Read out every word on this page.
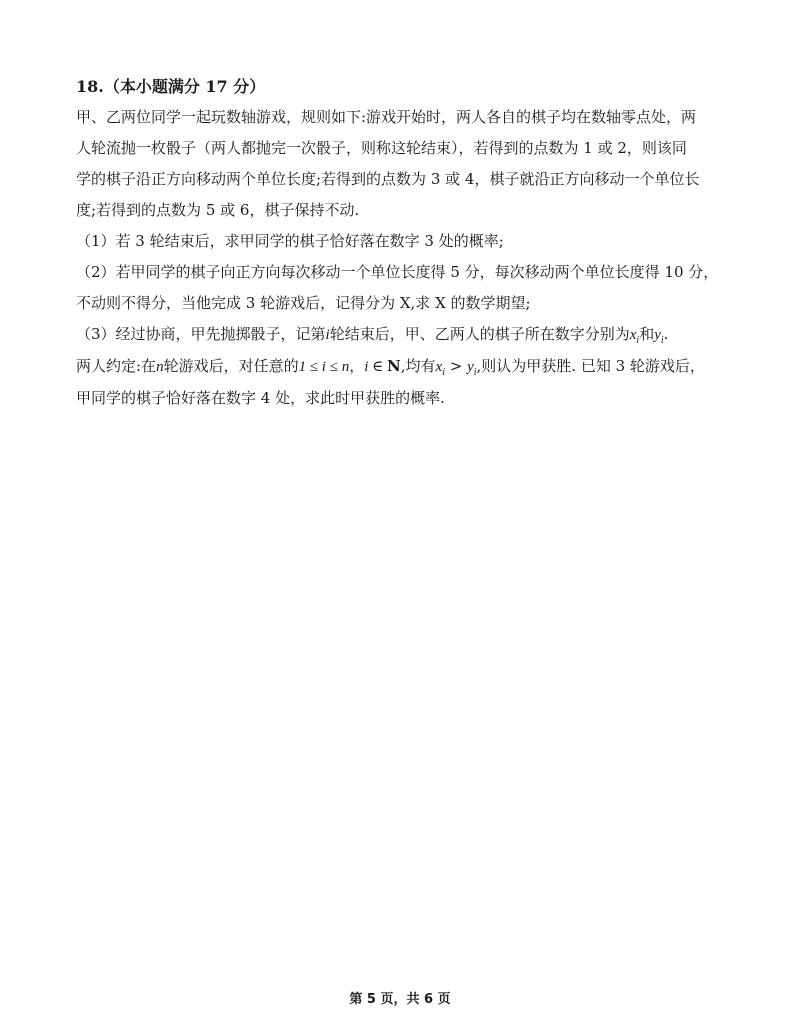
18.（本小题满分 17 分）

甲、乙两位同学一起玩数轴游戏，规则如下:游戏开始时，两人各自的棋子均在数轴零点处，两

人轮流抛一枚骰子（两人都抛完一次骰子，则称这轮结束），若得到的点数为 1 或 2，则该同

学的棋子沿正方向移动两个单位长度;若得到的点数为 3 或 4，棋子就沿正方向移动一个单位长

度;若得到的点数为 5 或 6，棋子保持不动.

（1）若 3 轮结束后，求甲同学的棋子恰好落在数字 3 处的概率;

（2）若甲同学的棋子向正方向每次移动一个单位长度得 5 分，每次移动两个单位长度得 10 分，

不动则不得分，当他完成 3 轮游戏后，记得分为 X,求 X 的数学期望;

（3）经过协商，甲先抛掷骰子，记第i轮结束后，甲、乙两人的棋子所在数字分别为$x_i$和$y_i$.

两人约定:在n轮游戏后，对任意的1 ≤ i ≤ n，i ∈ N,均有$x_i > y_i$,则认为甲获胜. 已知 3 轮游戏后，

甲同学的棋子恰好落在数字 4 处，求此时甲获胜的概率.

第 5 页，共 6 页
